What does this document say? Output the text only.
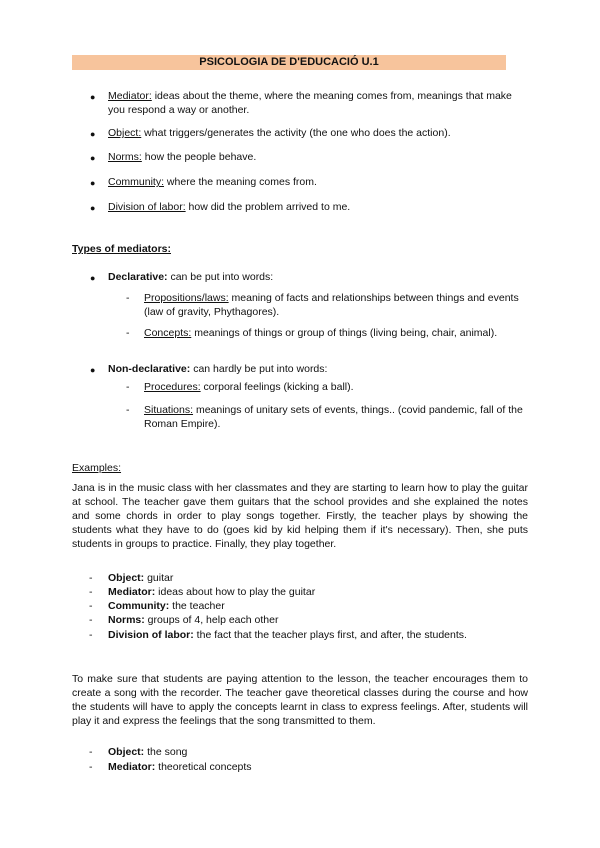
PSICOLOGIA DE D'EDUCACIÓ U.1
● Mediator: ideas about the theme, where the meaning comes from, meanings that make you respond a way or another.
● Object: what triggers/generates the activity (the one who does the action).
● Norms: how the people behave.
● Community: where the meaning comes from.
● Division of labor: how did the problem arrived to me.
Types of mediators:
● Declarative: can be put into words:
- Propositions/laws: meaning of facts and relationships between things and events (law of gravity, Phythagores).
- Concepts: meanings of things or group of things (living being, chair, animal).
● Non-declarative: can hardly be put into words:
- Procedures: corporal feelings (kicking a ball).
- Situations: meanings of unitary sets of events, things.. (covid pandemic, fall of the Roman Empire).
Examples:
Jana is in the music class with her classmates and they are starting to learn how to play the guitar at school. The teacher gave them guitars that the school provides and she explained the notes and some chords in order to play songs together. Firstly, the teacher plays by showing the students what they have to do (goes kid by kid helping them if it's necessary). Then, she puts students in groups to practice. Finally, they play together.
- Object: guitar
- Mediator: ideas about how to play the guitar
- Community: the teacher
- Norms: groups of 4, help each other
- Division of labor: the fact that the teacher plays first, and after, the students.
To make sure that students are paying attention to the lesson, the teacher encourages them to create a song with the recorder. The teacher gave theoretical classes during the course and how the students will have to apply the concepts learnt in class to express feelings. After, students will play it and express the feelings that the song transmitted to them.
- Object: the song
- Mediator: theoretical concepts
